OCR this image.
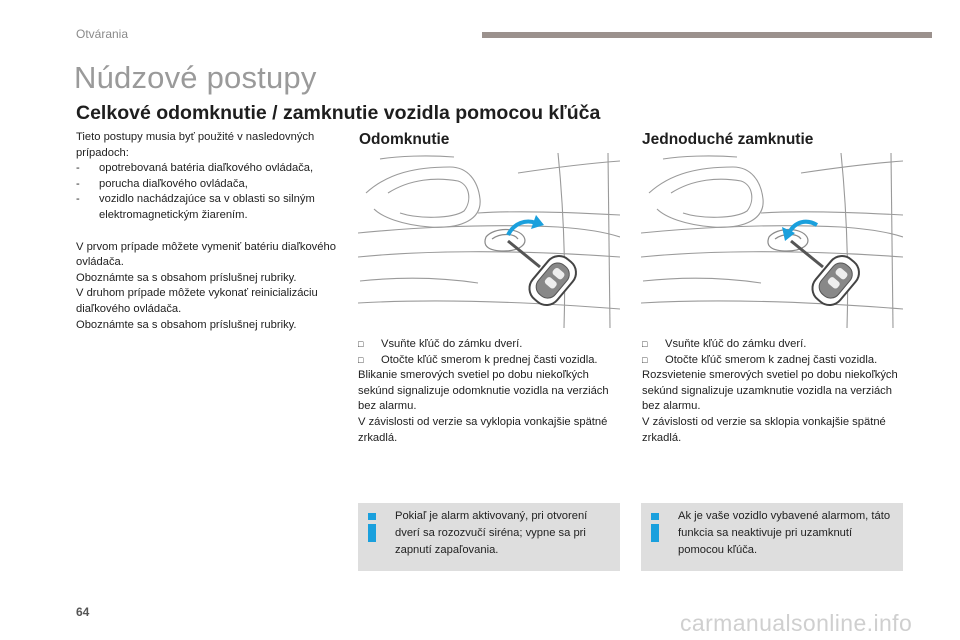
Otvárania
Núdzové postupy
Celkové odomknutie / zamknutie vozidla pomocou kľúča

Tieto postupy musia byť použité v nasledovných prípadoch:

- opotrebovaná batéria diaľkového ovládača,
- porucha diaľkového ovládača,
- vozidlo nachádzajúce sa v oblasti so silným elektromagnetickým žiarením.

V prvom prípade môžete vymeniť batériu diaľkového ovládača.

Oboznámte sa s obsahom príslušnej rubriky.

V druhom prípade môžete vykonať reinicializáciu diaľkového ovládača.

Oboznámte sa s obsahom príslušnej rubriky.

Odomknutie	Jednoduché zamknutie
□ Vsuňte kľúč do zámku dverí.
□ Otočte kľúč smerom k prednej časti vozidla.

Blikanie smerových svetiel po dobu niekoľkých sekúnd signalizuje odomknutie vozidla na verziách bez alarmu.

V závislosti od verzie sa vyklopia vonkajšie spätné zrkadlá.

□ Vsuňte kľúč do zámku dverí.
□ Otočte kľúč smerom k zadnej časti vozidla.

Rozsvietenie smerových svetiel po dobu niekoľkých sekúnd signalizuje uzamknutie vozidla na verziách bez alarmu.

V závislosti od verzie sa sklopia vonkajšie spätné zrkadlá.

Pokiaľ je alarm aktivovaný, pri otvorení dverí sa rozozvučí siréna; vypne sa pri zapnutí zapaľovania.
Ak je vaše vozidlo vybavené alarmom, táto funkcia sa neaktivuje pri uzamknutí pomocou kľúča.
64	carmanualsonline.info
